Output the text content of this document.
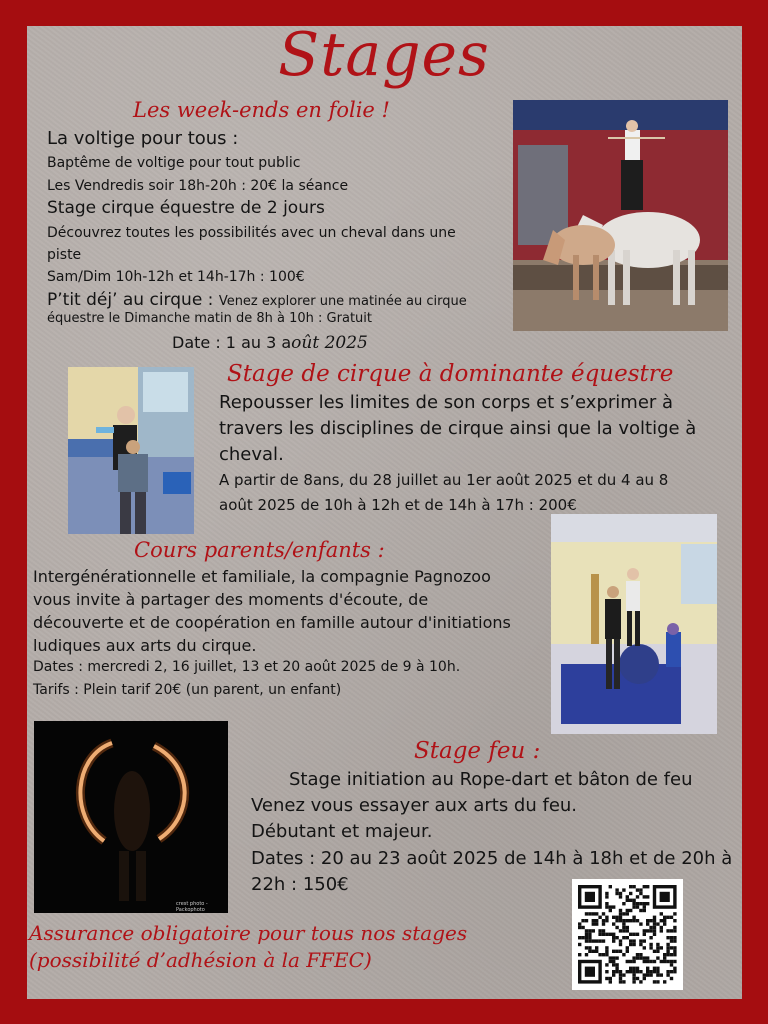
Stages
Les week-ends en folie !
La voltige pour tous :
Baptême de voltige pour tout public
Les Vendredis soir 18h-20h : 20€ la séance
Stage cirque équestre de 2 jours
Découvrez toutes les possibilités avec un cheval dans une
piste
Sam/Dim 10h-12h et 14h-17h : 100€
P’tit déj’ au cirque : Venez explorer une matinée au cirque
équestre le Dimanche matin de 8h à 10h : Gratuit
Date : 1 au 3 août 2025
Stage de cirque à dominante équestre
Repousser les limites de son corps et s’exprimer à
travers les disciplines de cirque ainsi que la voltige à
cheval.
A partir de 8ans, du 28 juillet au 1er août 2025 et du 4 au 8
août 2025 de 10h à 12h et de 14h à 17h : 200€
Cours parents/enfants :
Intergénérationnelle et familiale, la compagnie Pagnozoo
vous invite à partager des moments d'écoute, de
découverte et de coopération en famille autour d'initiations
ludiques aux arts du cirque.
Dates : mercredi 2, 16 juillet, 13 et 20 août 2025 de 9 à 10h.
Tarifs : Plein tarif 20€ (un parent, un enfant)
crest photo - Packophoto
Stage feu :
Stage initiation au Rope-dart et bâton de feu
Venez vous essayer aux arts du feu.
Débutant et majeur.
Dates : 20 au 23 août 2025 de 14h à 18h et de 20h à
22h : 150€
Assurance obligatoire pour tous nos stages
(possibilité d’adhésion à la FFEC)
